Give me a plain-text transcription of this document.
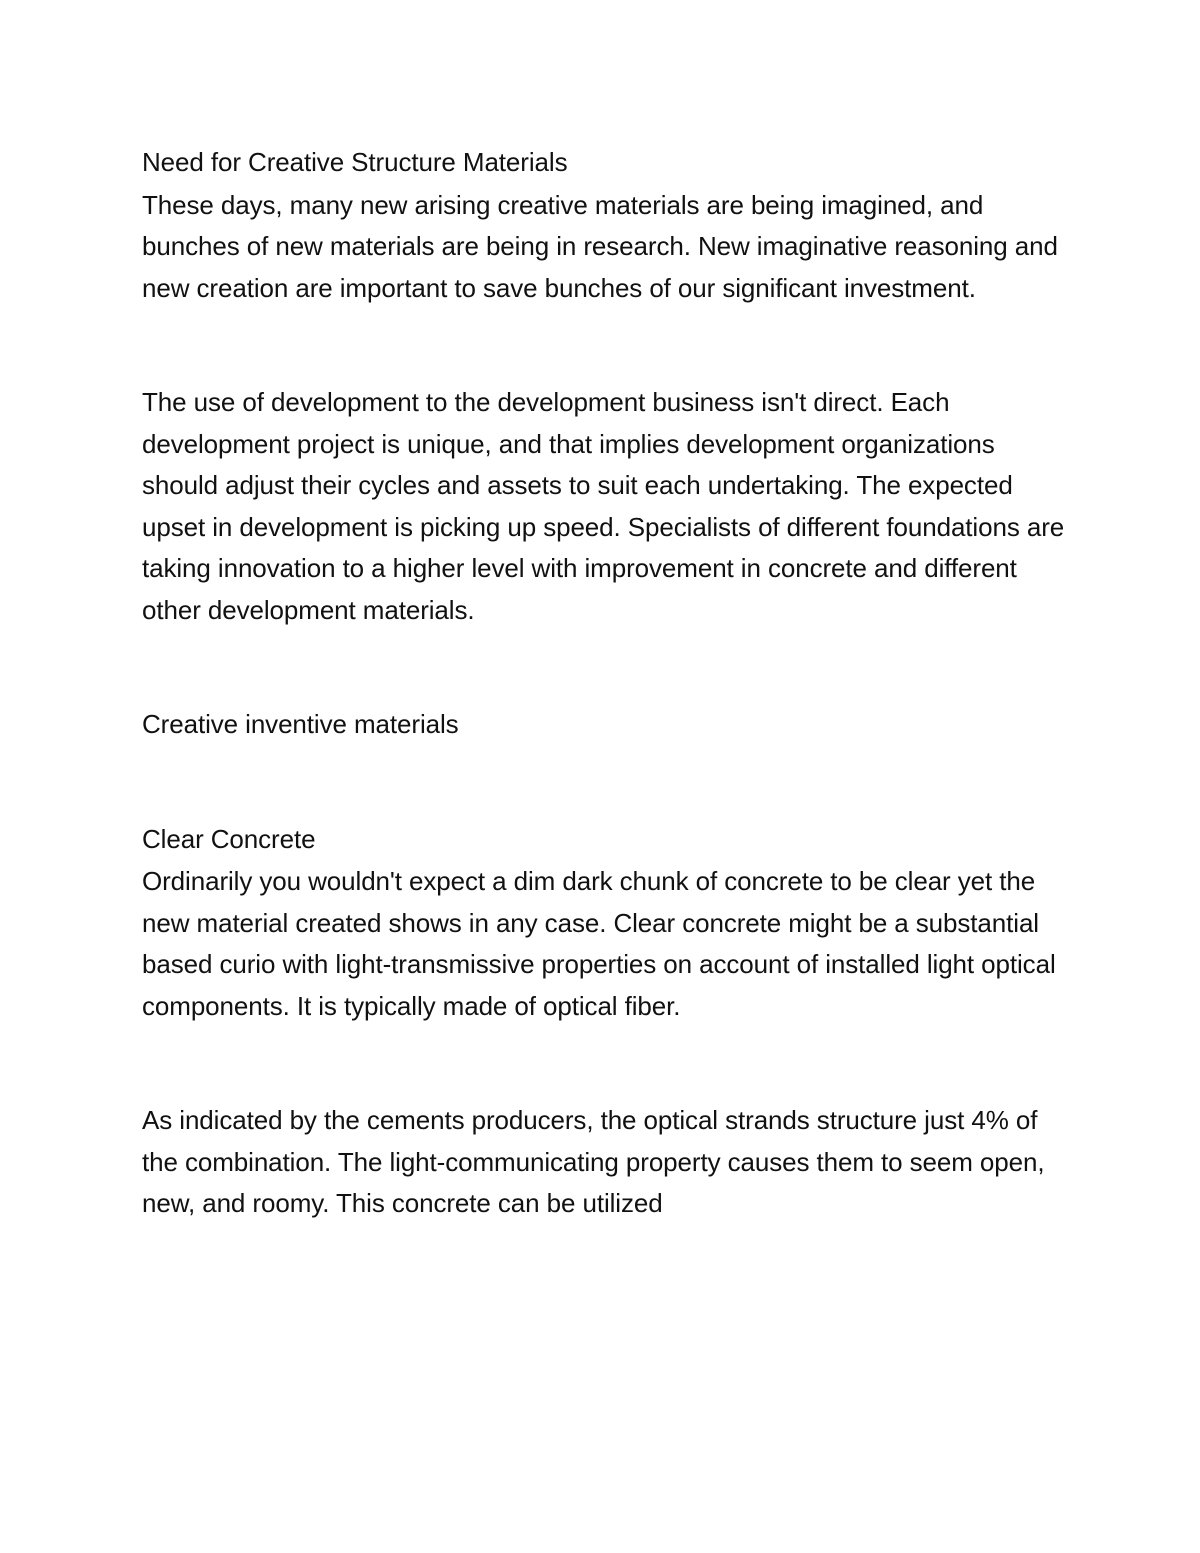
Need for Creative Structure Materials

These days, many new arising creative materials are being imagined, and bunches of new materials are being in research. New imaginative reasoning and new creation are important to save bunches of our significant investment.

The use of development to the development business isn't direct. Each development project is unique, and that implies development organizations should adjust their cycles and assets to suit each undertaking. The expected upset in development is picking up speed. Specialists of different foundations are taking innovation to a higher level with improvement in concrete and different other development materials.

Creative inventive materials

Clear Concrete

Ordinarily you wouldn't expect a dim dark chunk of concrete to be clear yet the new material created shows in any case. Clear concrete might be a substantial based curio with light-transmissive properties on account of installed light optical components. It is typically made of optical fiber.

As indicated by the cements producers, the optical strands structure just 4% of the combination. The light-communicating property causes them to seem open, new, and roomy. This concrete can be utilized
